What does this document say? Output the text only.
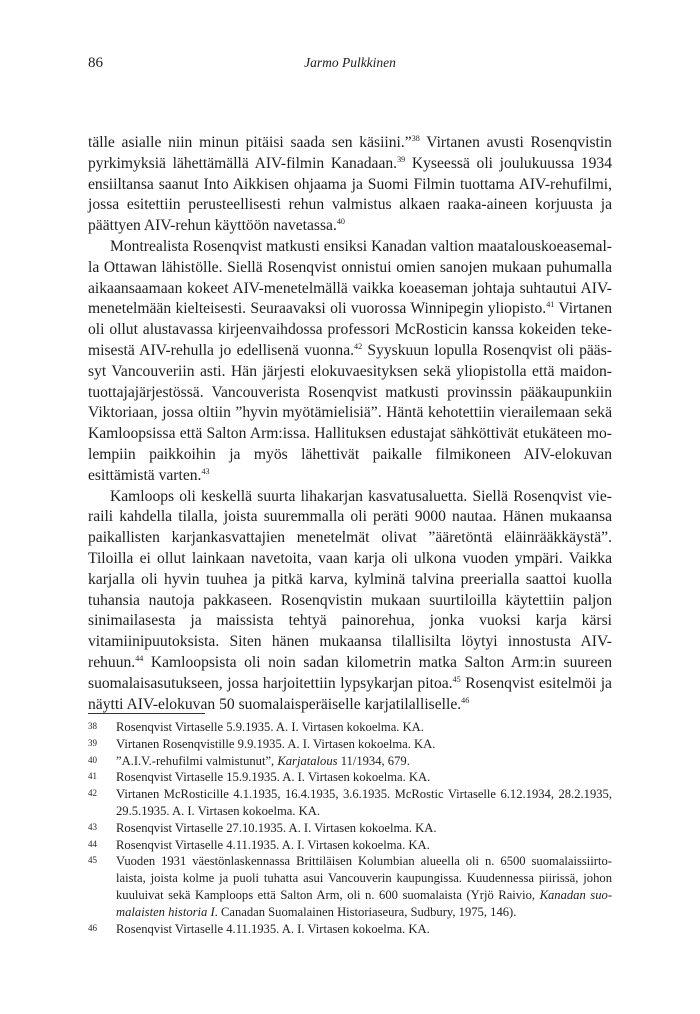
86	Jarmo Pulkkinen

tälle asialle niin minun pitäisi saada sen käsiini.”$^{38}$ Virtanen avusti Rosenqvistin pyrkimyksiä lähettämällä AIV-filmin Kanadaan.$^{39}$ Kyseessä oli joulukuussa 1934 ensiiltansa saanut Into Aikkisen ohjaama ja Suomi Filmin tuottama AIV-rehufilmi, jossa esitettiin perusteellisesti rehun valmistus alkaen raaka-aineen korjuusta ja päättyen AIV-rehun käyttöön navetassa.$^{40}$

Montrealista Rosenqvist matkusti ensiksi Kanadan valtion maatalouskoeasemalla Ottawan lähistölle. Siellä Rosenqvist onnistui omien sanojen mukaan puhumalla aikaansaamaan kokeet AIV-menetelmällä vaikka koeaseman johtaja suhtautui AIV-menetelmään kielteisesti. Seuraavaksi oli vuorossa Winnipegin yliopisto.$^{41}$ Virtanen oli ollut alustavassa kirjeenvaihdossa professori McRosticin kanssa kokeiden tekemisestä AIV-rehulla jo edellisenä vuonna.$^{42}$ Syyskuun lopulla Rosenqvist oli päässyt Vancouveriin asti. Hän järjesti elokuvaesityksen sekä yliopistolla että maidontuottajajärjestössä. Vancouverista Rosenqvist matkusti provinssin pääkaupunkiin Viktoriaan, jossa oltiin ”hyvin myötämielisiä”. Häntä kehotettiin vierailemaan sekä Kamloopsissa että Salton Arm:issa. Hallituksen edustajat sähköttivät etukäteen molempiin paikkoihin ja myös lähettivät paikalle filmikoneen AIV-elokuvan esittämistä varten.$^{43}$

Kamloops oli keskellä suurta lihakarjan kasvatusaluetta. Siellä Rosenqvist vieraili kahdella tilalla, joista suuremmalla oli peräti 9000 nautaa. Hänen mukaansa paikallisten karjankasvattajien menetelmät olivat ”ääretöntä eläinrääkkäystä”. Tiloilla ei ollut lainkaan navetoita, vaan karja oli ulkona vuoden ympäri. Vaikka karjalla oli hyvin tuuhea ja pitkä karva, kylminä talvina preerialla saattoi kuolla tuhansia nautoja pakkaseen. Rosenqvistin mukaan suurtiloilla käytettiin paljon sinimailasesta ja maissista tehtyä painorehua, jonka vuoksi karja kärsi vitamiinipuutoksista. Siten hänen mukaansa tilallisilta löytyi innostusta AIV-rehuun.$^{44}$ Kamloopsista oli noin sadan kilometrin matka Salton Arm:in suureen suomalaisasutukseen, jossa harjoitettiin lypsykarjan pitoa.$^{45}$ Rosenqvist esitelmöi ja näytti AIV-elokuvan 50 suomalaisperäiselle karjatilalliselle.$^{46}$

38	Rosenqvist Virtaselle 5.9.1935. A. I. Virtasen kokoelma. KA.
39	Virtanen Rosenqvistille 9.9.1935. A. I. Virtasen kokoelma. KA.
40	”A.I.V.-rehufilmi valmistunut”, Karjatalous 11/1934, 679.
41	Rosenqvist Virtaselle 15.9.1935. A. I. Virtasen kokoelma. KA.
42	Virtanen McRosticille 4.1.1935, 16.4.1935, 3.6.1935. McRostic Virtaselle 6.12.1934, 28.2.1935, 29.5.1935. A. I. Virtasen kokoelma. KA.
43	Rosenqvist Virtaselle 27.10.1935. A. I. Virtasen kokoelma. KA.
44	Rosenqvist Virtaselle 4.11.1935. A. I. Virtasen kokoelma. KA.
45	Vuoden 1931 väestönlaskennassa Brittiläisen Kolumbian alueella oli n. 6500 suomalaissiirtolaista, joista kolme ja puoli tuhatta asui Vancouverin kaupungissa. Kuudennessa piirissä, johon kuuluivat sekä Kamploops että Salton Arm, oli n. 600 suomalaista (Yrjö Raivio, Kanadan suomalaisten historia I. Canadan Suomalainen Historiaseura, Sudbury, 1975, 146).
46	Rosenqvist Virtaselle 4.11.1935. A. I. Virtasen kokoelma. KA.
